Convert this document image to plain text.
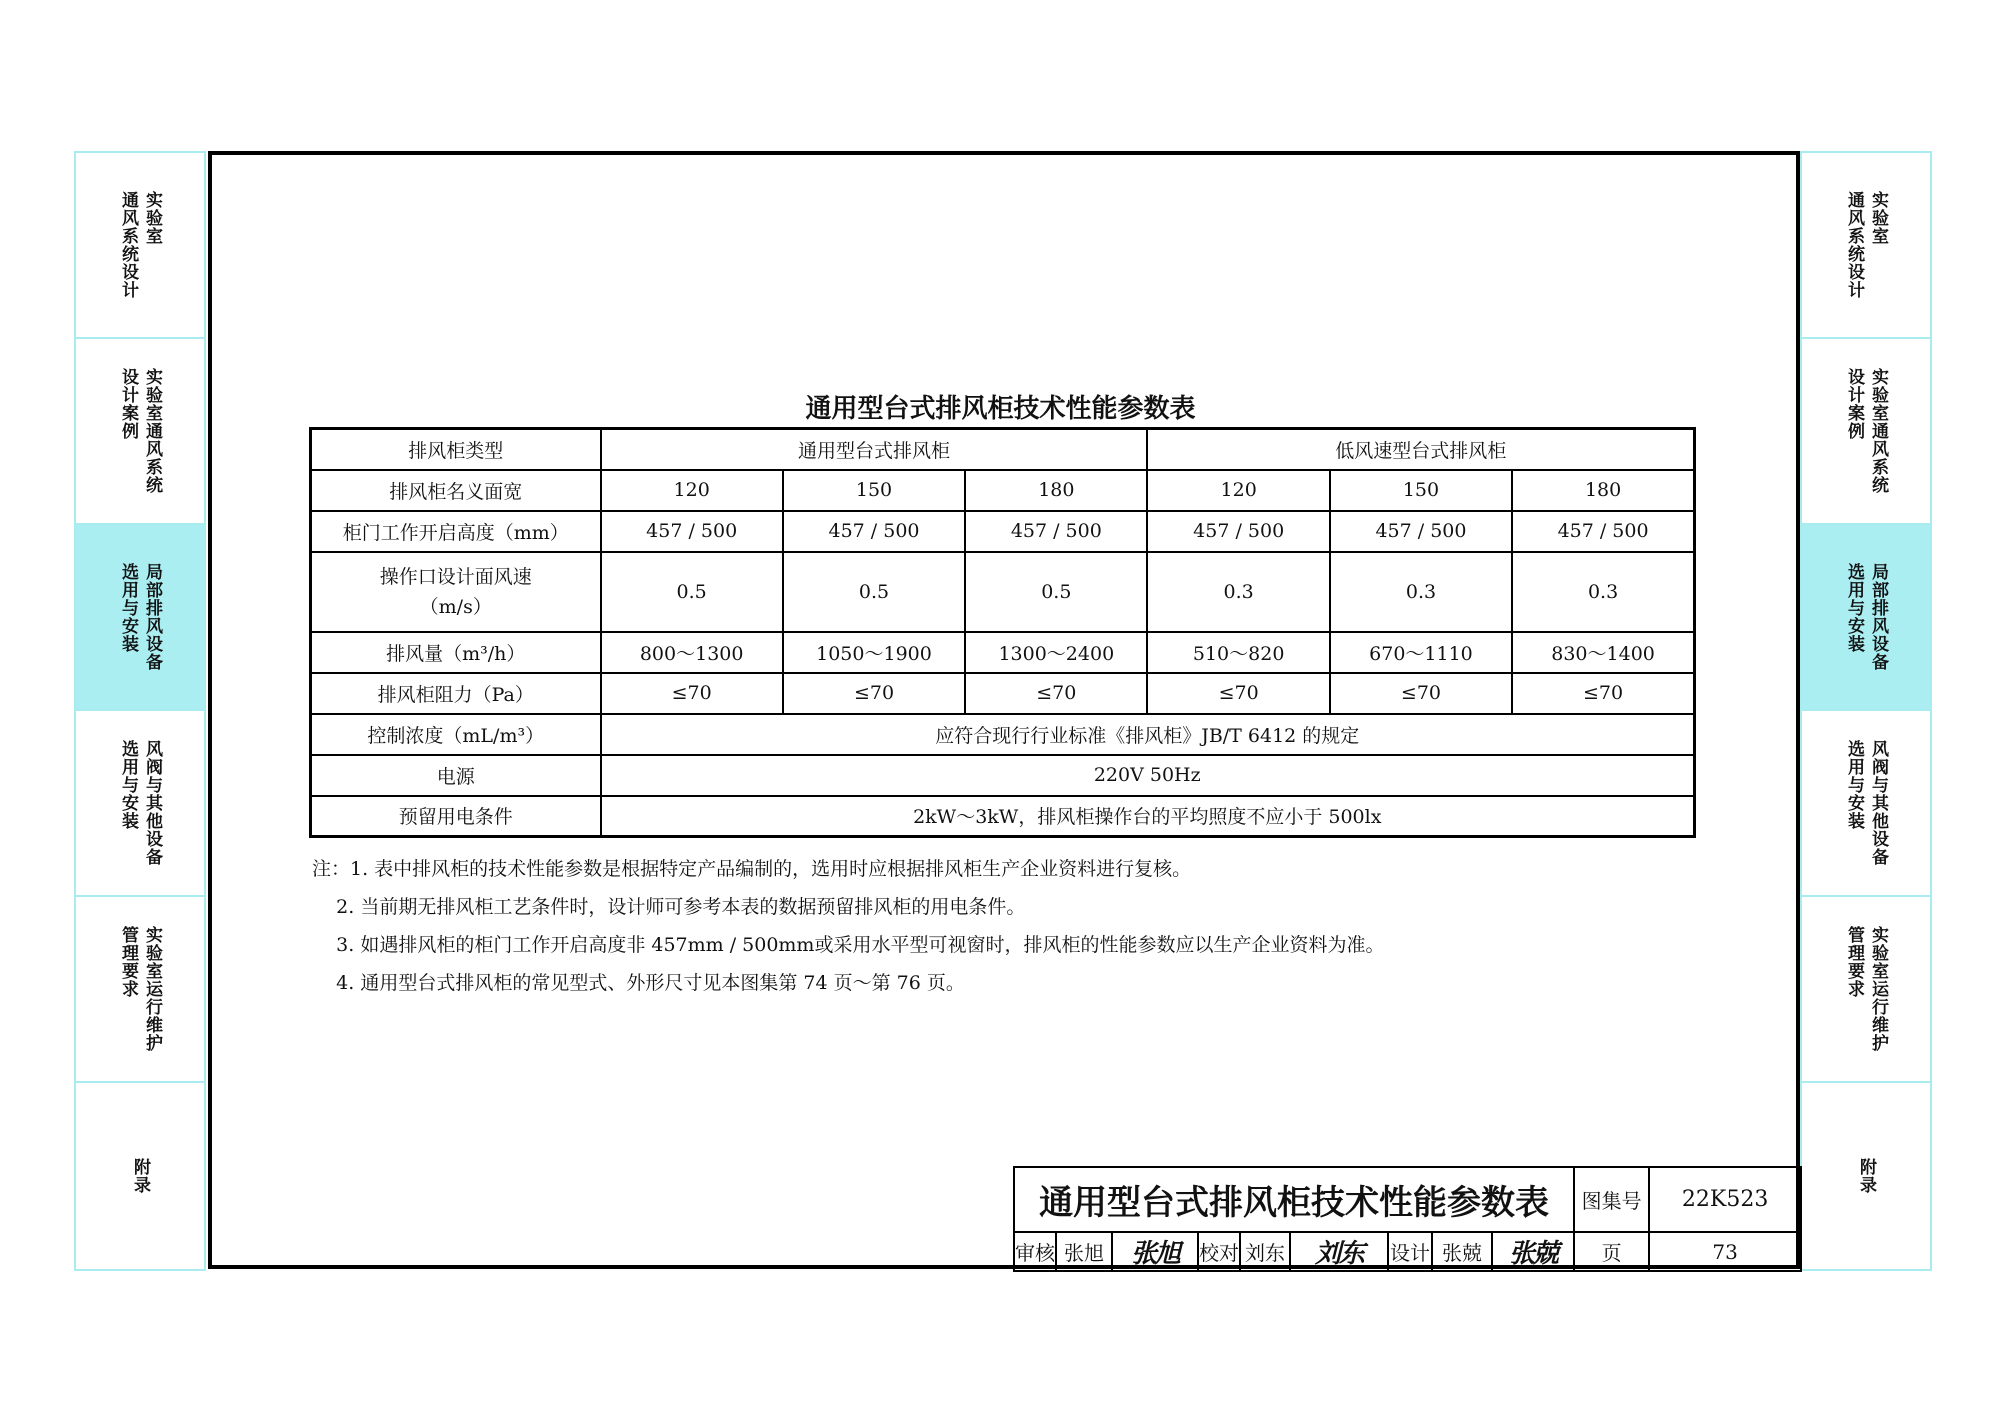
实验室
通风系统设计
实验室通风系统
设计案例
局部排风设备
选用与安装
风阀与其他设备
选用与安装
实验室运行维护
管理要求
附录
实验室
通风系统设计
实验室通风系统
设计案例
局部排风设备
选用与安装
风阀与其他设备
选用与安装
实验室运行维护
管理要求
附录
通用型台式排风柜技术性能参数表
排风柜类型	通用型台式排风柜			低风速型台式排风柜		
排风柜名义面宽	120	150	180	120	150	180
柜门工作开启高度（mm）	457 / 500	457 / 500	457 / 500	457 / 500	457 / 500	457 / 500
操作口设计面风速
（m/s）	0.5	0.5	0.5	0.3	0.3	0.3
排风量（m³/h）	800～1300	1050～1900	1300～2400	510～820	670～1110	830～1400
排风柜阻力（Pa）	≤70	≤70	≤70	≤70	≤70	≤70
控制浓度（mL/m³）	应符合现行行业标准《排风柜》JB/T 6412 的规定					
电源	220V 50Hz					
预留用电条件	2kW～3kW，排风柜操作台的平均照度不应小于 500lx					
注：1. 表中排风柜的技术性能参数是根据特定产品编制的，选用时应根据排风柜生产企业资料进行复核。
2. 当前期无排风柜工艺条件时，设计师可参考本表的数据预留排风柜的用电条件。
3. 如遇排风柜的柜门工作开启高度非 457mm / 500mm或采用水平型可视窗时，排风柜的性能参数应以生产企业资料为准。
4. 通用型台式排风柜的常见型式、外形尺寸见本图集第 74 页～第 76 页。
通用型台式排风柜技术性能参数表									图集号	22K523
审核	张旭	张旭	校对	刘东	刘东	设计	张兢	张兢	页	73
